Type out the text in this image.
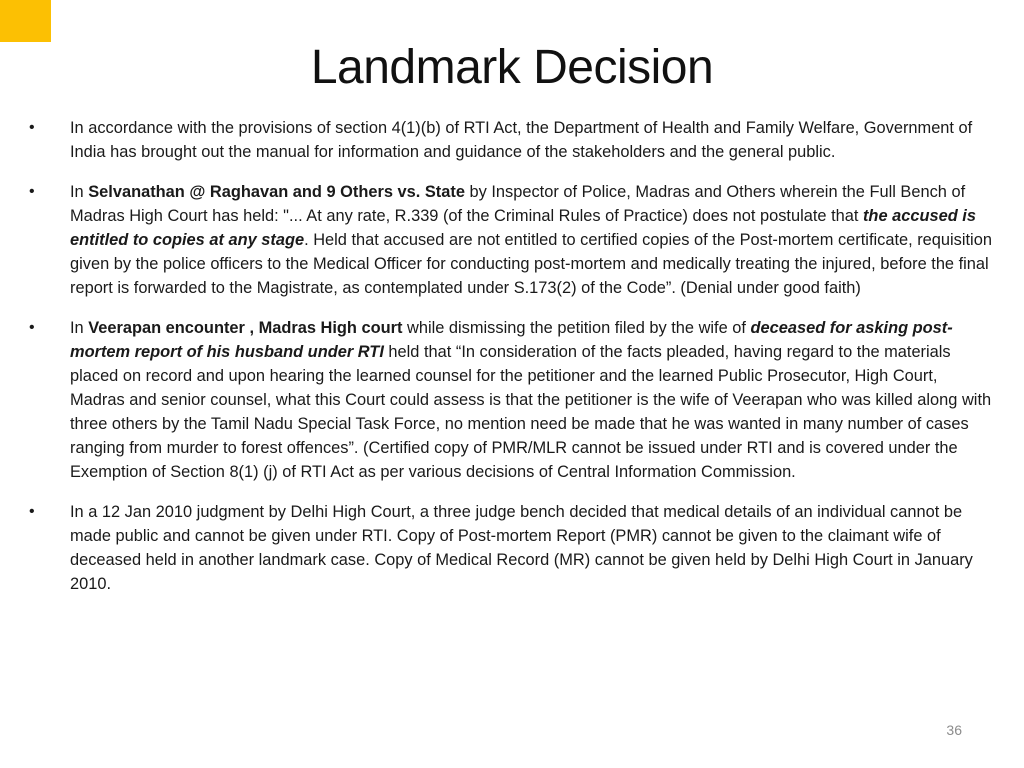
Landmark Decision
• In accordance with the provisions of section 4(1)(b) of RTI Act, the Department of Health and Family Welfare, Government of India has brought out the manual for information and guidance of the stakeholders and the general public.
• In Selvanathan @ Raghavan and 9 Others vs. State by Inspector of Police, Madras and Others wherein the Full Bench of Madras High Court has held: "... At any rate, R.339 (of the Criminal Rules of Practice) does not postulate that the accused is entitled to copies at any stage. Held that accused are not entitled to certified copies of the Post-mortem certificate, requisition given by the police officers to the Medical Officer for conducting post-mortem and medically treating the injured, before the final report is forwarded to the Magistrate, as contemplated under S.173(2) of the Code”. (Denial under good faith)
• In Veerapan encounter , Madras High court while dismissing the petition filed by the wife of deceased for asking post-mortem report of his husband under RTI held that “In consideration of the facts pleaded, having regard to the materials placed on record and upon hearing the learned counsel for the petitioner and the learned Public Prosecutor, High Court, Madras and senior counsel, what this Court could assess is that the petitioner is the wife of Veerapan who was killed along with three others by the Tamil Nadu Special Task Force, no mention need be made that he was wanted in many number of cases ranging from murder to forest offences”. (Certified copy of PMR/MLR cannot be issued under RTI and is covered under the Exemption of Section 8(1) (j) of RTI Act as per various decisions of Central Information Commission.
• In a 12 Jan 2010 judgment by Delhi High Court, a three judge bench decided that medical details of an individual cannot be made public and cannot be given under RTI. Copy of Post-mortem Report (PMR) cannot be given to the claimant wife of deceased held in another landmark case. Copy of Medical Record (MR) cannot be given held by Delhi High Court in January 2010.
36
